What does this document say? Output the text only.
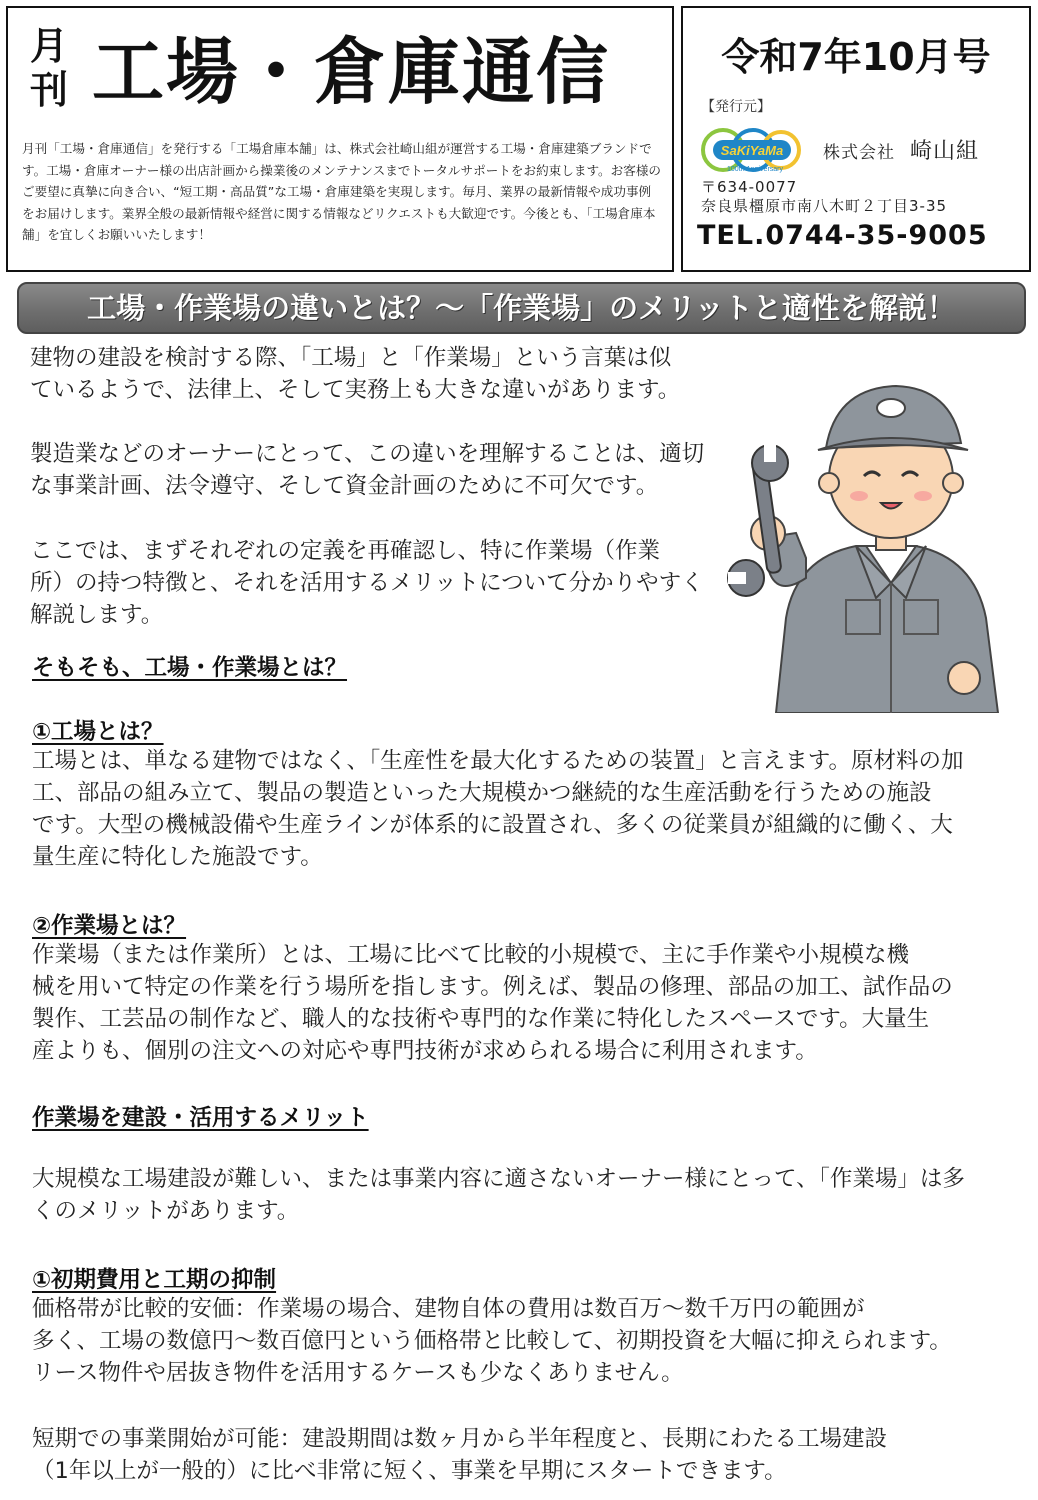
月刊 工場・倉庫通信
月刊「工場・倉庫通信」を発行する「工場倉庫本舗」は、株式会社崎山組が運営する工場・倉庫建築ブランドです。工場・倉庫オーナー様の出店計画から操業後のメンテナンスまでトータルサポートをお約束します。お客様のご要望に真摯に向き合い、“短工期・高品質”な工場・倉庫建築を実現します。毎月、業界の最新情報や成功事例をお届けします。業界全般の最新情報や経営に関する情報などリクエストも大歓迎です。今後とも、「工場倉庫本舗」を宜しくお願いいたします！
令和7年10月号
【発行元】
SaKiYaMa
100th Anniversary
株式会社 崎山組
〒634-0077
奈良県橿原市南八木町２丁目3-35
TEL.0744-35-9005
工場・作業場の違いとは？～「作業場」のメリットと適性を解説！
建物の建設を検討する際、「工場」と「作業場」という言葉は似
ているようで、法律上、そして実務上も大きな違いがあります。
製造業などのオーナーにとって、この違いを理解することは、適切
な事業計画、法令遵守、そして資金計画のために不可欠です。
ここでは、まずそれぞれの定義を再確認し、特に作業場（作業
所）の持つ特徴と、それを活用するメリットについて分かりやすく
解説します。
そもそも、工場・作業場とは？
①工場とは？
工場とは、単なる建物ではなく、「生産性を最大化するための装置」と言えます。原材料の加
工、部品の組み立て、製品の製造といった大規模かつ継続的な生産活動を行うための施設
です。大型の機械設備や生産ラインが体系的に設置され、多くの従業員が組織的に働く、大
量生産に特化した施設です。
②作業場とは？
作業場（または作業所）とは、工場に比べて比較的小規模で、主に手作業や小規模な機
械を用いて特定の作業を行う場所を指します。例えば、製品の修理、部品の加工、試作品の
製作、工芸品の制作など、職人的な技術や専門的な作業に特化したスペースです。大量生
産よりも、個別の注文への対応や専門技術が求められる場合に利用されます。
作業場を建設・活用するメリット
大規模な工場建設が難しい、または事業内容に適さないオーナー様にとって、「作業場」は多
くのメリットがあります。
①初期費用と工期の抑制
価格帯が比較的安価：作業場の場合、建物自体の費用は数百万～数千万円の範囲が
多く、工場の数億円～数百億円という価格帯と比較して、初期投資を大幅に抑えられます。
リース物件や居抜き物件を活用するケースも少なくありません。
短期での事業開始が可能：建設期間は数ヶ月から半年程度と、長期にわたる工場建設
（1年以上が一般的）に比べ非常に短く、事業を早期にスタートできます。
